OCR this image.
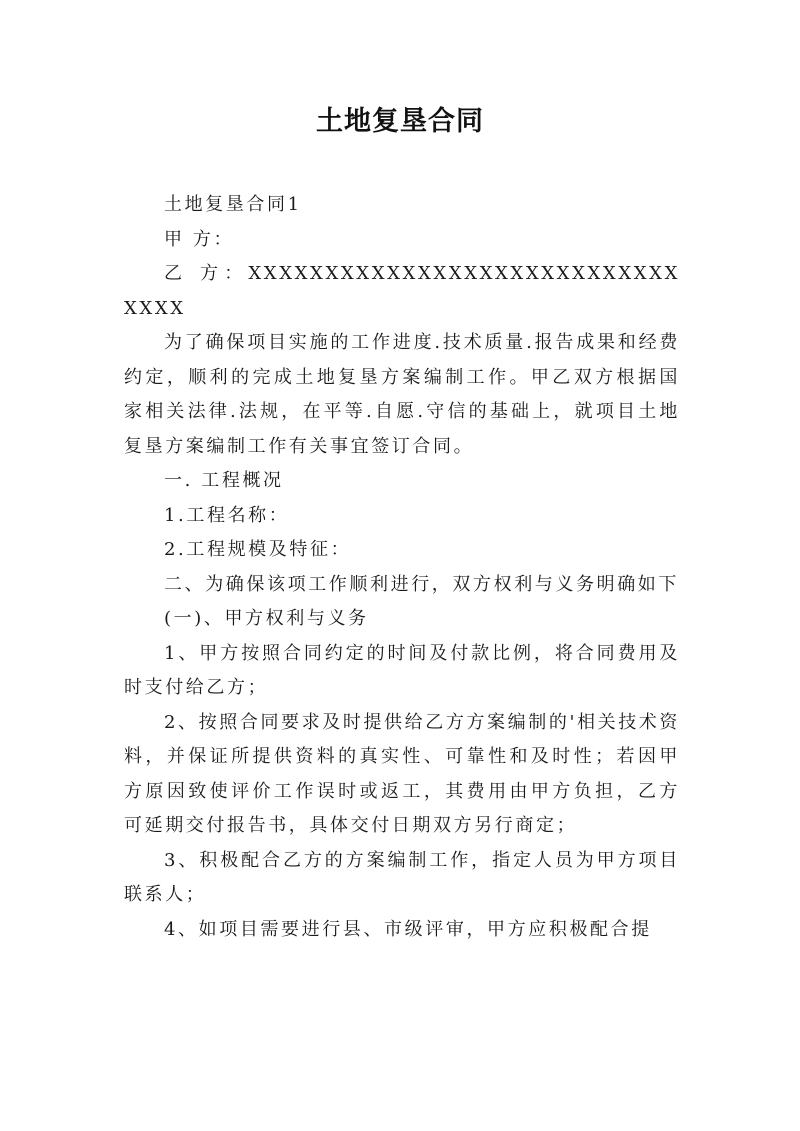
土地复垦合同

土地复垦合同1

甲 方：

乙 方：XXXXXXXXXXXXXXXXXXXXXXXXXXXXXXXX

为了确保项目实施的工作进度.技术质量.报告成果和经费约定，顺利的完成土地复垦方案编制工作。甲乙双方根据国家相关法律.法规，在平等.自愿.守信的基础上，就项目土地复垦方案编制工作有关事宜签订合同。

一. 工程概况

1.工程名称：

2.工程规模及特征：

二、为确保该项工作顺利进行，双方权利与义务明确如下

(一)、甲方权利与义务

1、甲方按照合同约定的时间及付款比例，将合同费用及时支付给乙方；

2、按照合同要求及时提供给乙方方案编制的'相关技术资料，并保证所提供资料的真实性、可靠性和及时性；若因甲方原因致使评价工作误时或返工，其费用由甲方负担，乙方可延期交付报告书，具体交付日期双方另行商定；

3、积极配合乙方的方案编制工作，指定人员为甲方项目联系人；

4、如项目需要进行县、市级评审，甲方应积极配合提
